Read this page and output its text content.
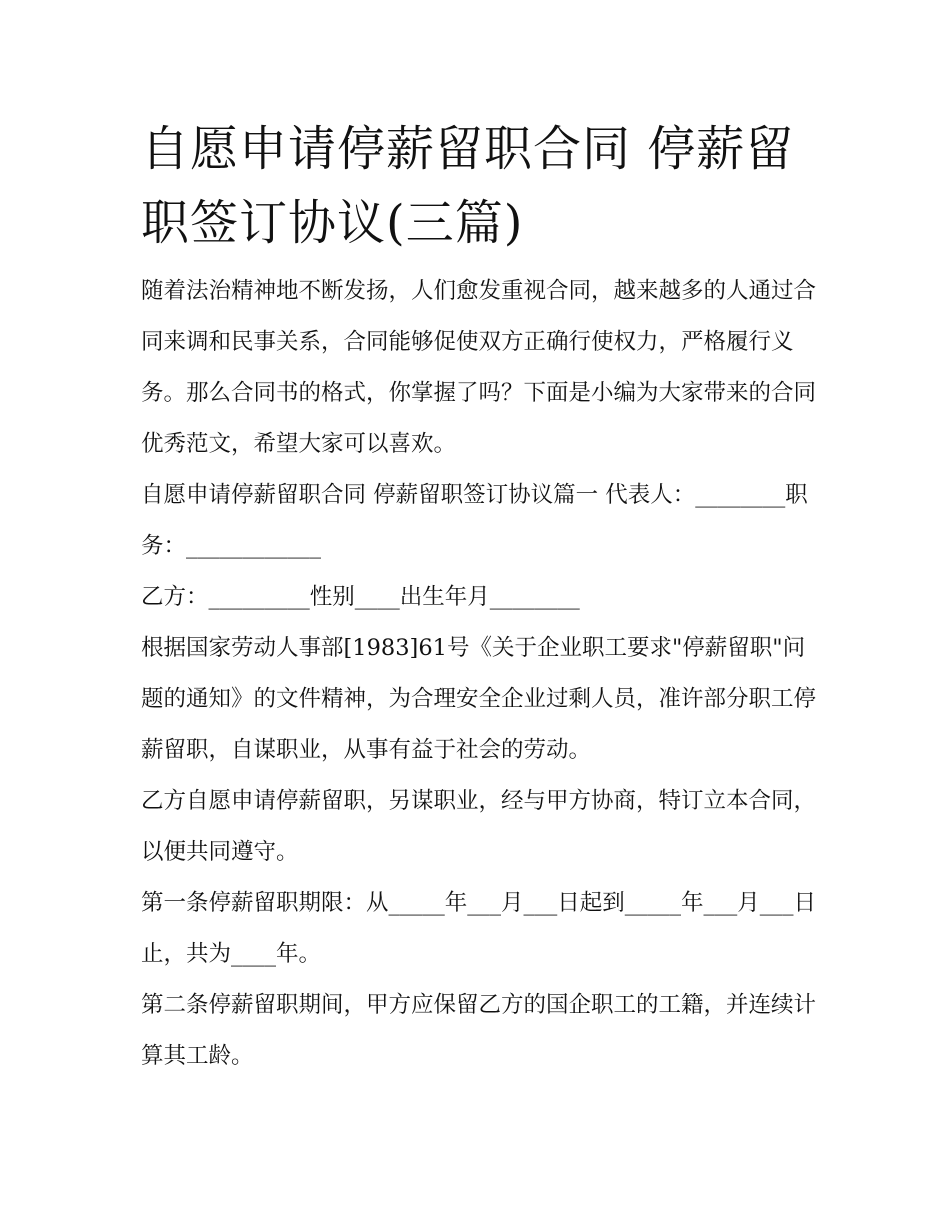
自愿申请停薪留职合同 停薪留职签订协议(三篇)

随着法治精神地不断发扬，人们愈发重视合同，越来越多的人通过合同来调和民事关系，合同能够促使双方正确行使权力，严格履行义务。那么合同书的格式，你掌握了吗？下面是小编为大家带来的合同优秀范文，希望大家可以喜欢。

自愿申请停薪留职合同 停薪留职签订协议篇一 代表人：________职务：____________

乙方：_________性别____出生年月________

根据国家劳动人事部[1983]61号《关于企业职工要求"停薪留职"问题的通知》的文件精神，为合理安全企业过剩人员，准许部分职工停薪留职，自谋职业，从事有益于社会的劳动。

乙方自愿申请停薪留职，另谋职业，经与甲方协商，特订立本合同，以便共同遵守。

第一条停薪留职期限：从_____年___月___日起到_____年___月___日止，共为____年。

第二条停薪留职期间，甲方应保留乙方的国企职工的工籍，并连续计算其工龄。
